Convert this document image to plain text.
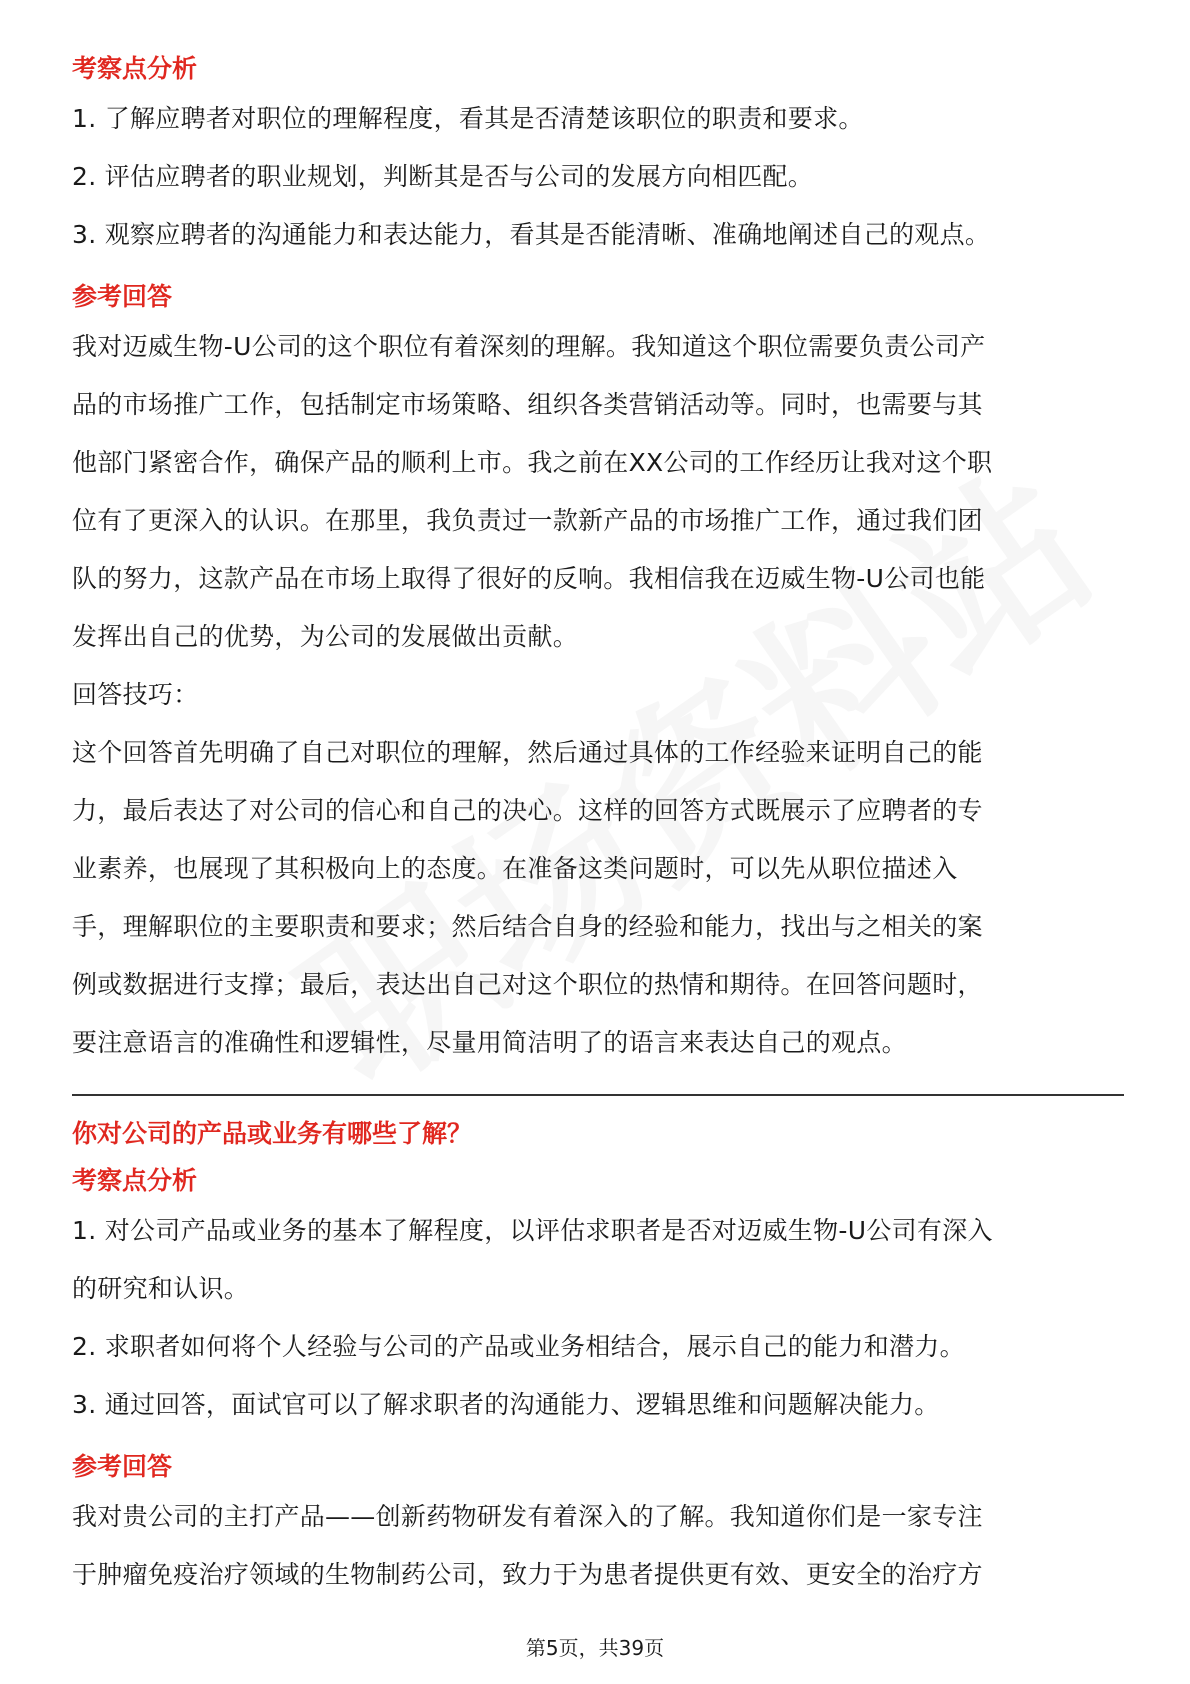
考察点分析

1. 了解应聘者对职位的理解程度，看其是否清楚该职位的职责和要求。

2. 评估应聘者的职业规划，判断其是否与公司的发展方向相匹配。

3. 观察应聘者的沟通能力和表达能力，看其是否能清晰、准确地阐述自己的观点。

参考回答

我对迈威生物-U公司的这个职位有着深刻的理解。我知道这个职位需要负责公司产

品的市场推广工作，包括制定市场策略、组织各类营销活动等。同时，也需要与其

他部门紧密合作，确保产品的顺利上市。我之前在XX公司的工作经历让我对这个职

位有了更深入的认识。在那里，我负责过一款新产品的市场推广工作，通过我们团

队的努力，这款产品在市场上取得了很好的反响。我相信我在迈威生物-U公司也能

发挥出自己的优势，为公司的发展做出贡献。

回答技巧：

这个回答首先明确了自己对职位的理解，然后通过具体的工作经验来证明自己的能

力，最后表达了对公司的信心和自己的决心。这样的回答方式既展示了应聘者的专

业素养，也展现了其积极向上的态度。在准备这类问题时，可以先从职位描述入

手，理解职位的主要职责和要求；然后结合自身的经验和能力，找出与之相关的案

例或数据进行支撑；最后，表达出自己对这个职位的热情和期待。在回答问题时，

要注意语言的准确性和逻辑性，尽量用简洁明了的语言来表达自己的观点。

你对公司的产品或业务有哪些了解？
考察点分析

1. 对公司产品或业务的基本了解程度，以评估求职者是否对迈威生物-U公司有深入

的研究和认识。

2. 求职者如何将个人经验与公司的产品或业务相结合，展示自己的能力和潜力。

3. 通过回答，面试官可以了解求职者的沟通能力、逻辑思维和问题解决能力。

参考回答

我对贵公司的主打产品——创新药物研发有着深入的了解。我知道你们是一家专注

于肿瘤免疫治疗领域的生物制药公司，致力于为患者提供更有效、更安全的治疗方

第5页，共39页
